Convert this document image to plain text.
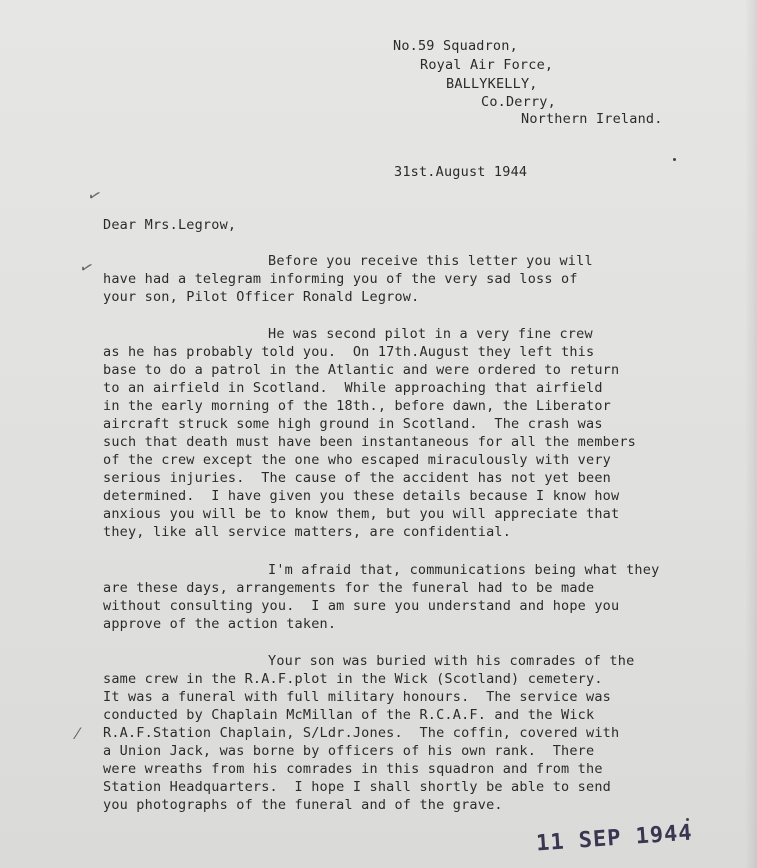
No.59 Squadron,
Royal Air Force,
BALLYKELLY,
Co.Derry,
Northern Ireland.
31st.August 1944
✓
✓
⁄
Dear Mrs.Legrow,
Before you receive this letter you will
have had a telegram informing you of the very sad loss of
your son, Pilot Officer Ronald Legrow.
He was second pilot in a very fine crew
as he has probably told you.  On 17th.August they left this
base to do a patrol in the Atlantic and were ordered to return
to an airfield in Scotland.  While approaching that airfield
in the early morning of the 18th., before dawn, the Liberator
aircraft struck some high ground in Scotland.  The crash was
such that death must have been instantaneous for all the members
of the crew except the one who escaped miraculously with very
serious injuries.  The cause of the accident has not yet been
determined.  I have given you these details because I know how
anxious you will be to know them, but you will appreciate that
they, like all service matters, are confidential.
I'm afraid that, communications being what they
are these days, arrangements for the funeral had to be made
without consulting you.  I am sure you understand and hope you
approve of the action taken.
Your son was buried with his comrades of the
same crew in the R.A.F.plot in the Wick (Scotland) cemetery.
It was a funeral with full military honours.  The service was
conducted by Chaplain McMillan of the R.C.A.F. and the Wick
R.A.F.Station Chaplain, S/Ldr.Jones.  The coffin, covered with
a Union Jack, was borne by officers of his own rank.  There
were wreaths from his comrades in this squadron and from the
Station Headquarters.  I hope I shall shortly be able to send
you photographs of the funeral and of the grave.
11 SEP 1944
